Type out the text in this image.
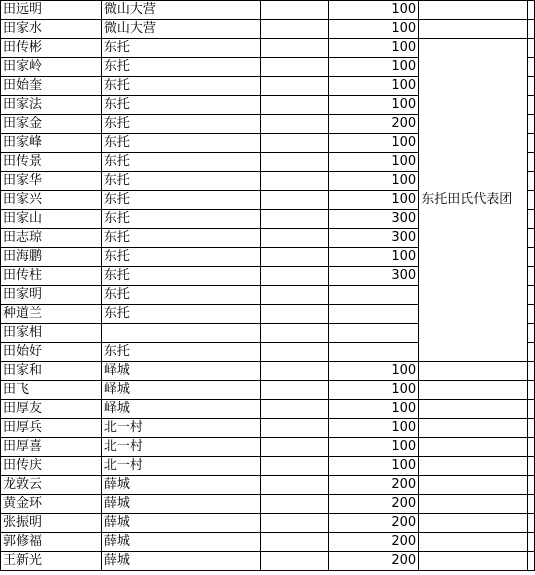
田远明	微山大营		100		
田家水	微山大营		100		
田传彬	东托		100	东托田氏代表团	
田家岭	东托		100		
田始奎	东托		100		
田家法	东托		100		
田家金	东托		200		
田家峰	东托		100		
田传景	东托		100		
田家华	东托		100		
田家兴	东托		100		
田家山	东托		300		
田志琼	东托		300		
田海鹏	东托		100		
田传柱	东托		300		
田家明	东托				
种道兰	东托				
田家相					
田始好	东托				
田家和	峄城		100		
田飞	峄城		100		
田厚友	峄城		100		
田厚兵	北一村		100		
田厚喜	北一村		100		
田传庆	北一村		100		
龙敦云	薛城		200		
黄金环	薛城		200		
张振明	薛城		200		
郭修福	薛城		200		
王新光	薛城		200		
